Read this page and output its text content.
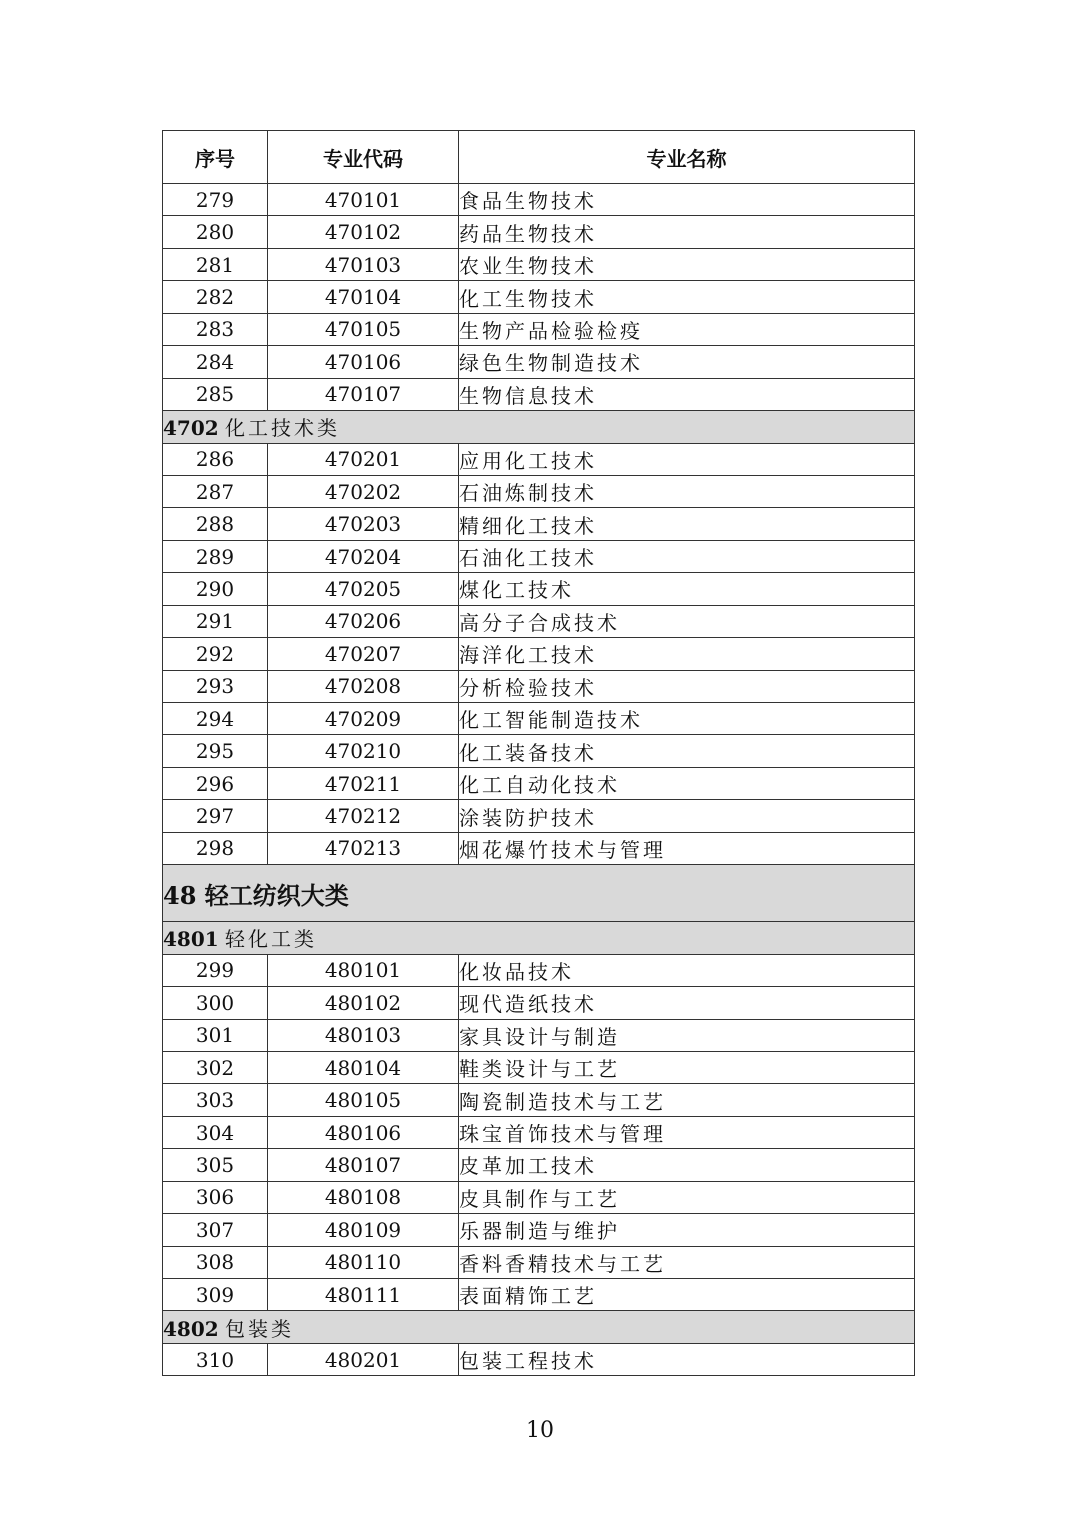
序号	专业代码	专业名称
279	470101	食品生物技术
280	470102	药品生物技术
281	470103	农业生物技术
282	470104	化工生物技术
283	470105	生物产品检验检疫
284	470106	绿色生物制造技术
285	470107	生物信息技术
4702 化工技术类		
286	470201	应用化工技术
287	470202	石油炼制技术
288	470203	精细化工技术
289	470204	石油化工技术
290	470205	煤化工技术
291	470206	高分子合成技术
292	470207	海洋化工技术
293	470208	分析检验技术
294	470209	化工智能制造技术
295	470210	化工装备技术
296	470211	化工自动化技术
297	470212	涂装防护技术
298	470213	烟花爆竹技术与管理
48 轻工纺织大类		
4801 轻化工类		
299	480101	化妆品技术
300	480102	现代造纸技术
301	480103	家具设计与制造
302	480104	鞋类设计与工艺
303	480105	陶瓷制造技术与工艺
304	480106	珠宝首饰技术与管理
305	480107	皮革加工技术
306	480108	皮具制作与工艺
307	480109	乐器制造与维护
308	480110	香料香精技术与工艺
309	480111	表面精饰工艺
4802 包装类		
310	480201	包装工程技术
10
